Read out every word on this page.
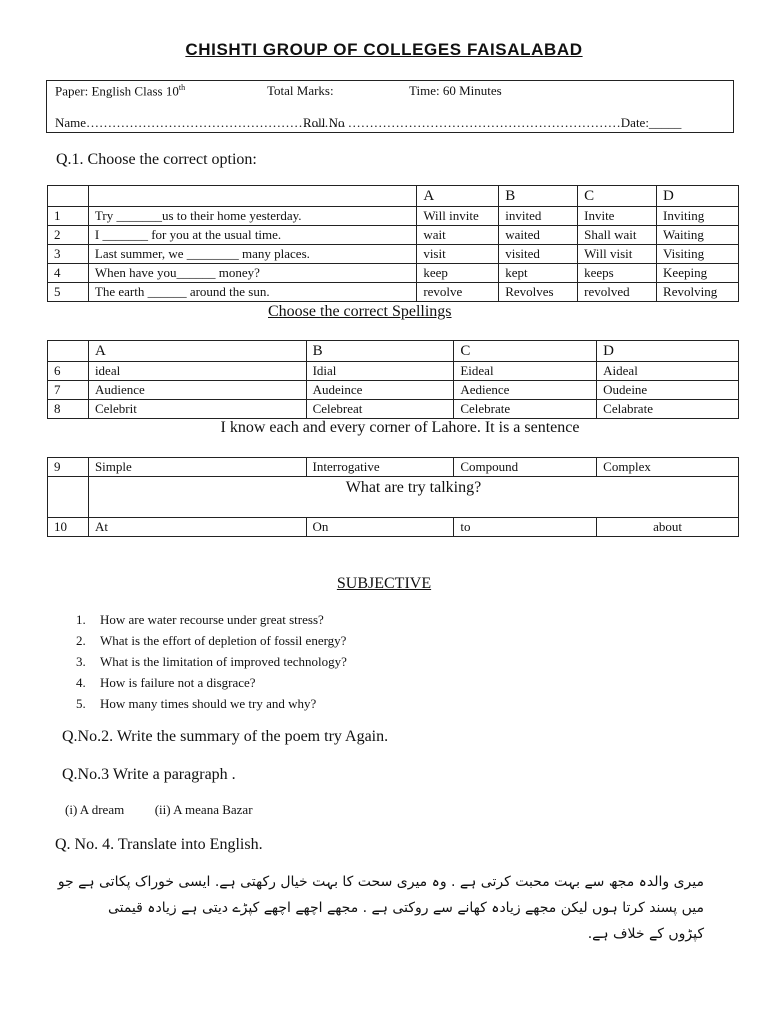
CHISHTI GROUP OF COLLEGES FAISALABAD
Paper: English Class 10th	Total Marks:	Time: 60 Minutes
Name……………………………………………………
Roll No ………………………………………………………Date:_____
Q.1. Choose the correct option:
		A	B	C	D
1	Try _______us to their home yesterday.	Will invite	invited	Invite	Inviting
2	I _______ for you at the usual time.	wait	waited	Shall wait	Waiting
3	Last summer, we ________ many places.	visit	visited	Will visit	Visiting
4	When have you______ money?	keep	kept	keeps	Keeping
5	The earth ______ around the sun.	revolve	Revolves	revolved	Revolving
Choose the correct Spellings
	A	B	C	D
6	ideal	Idial	Eideal	Aideal
7	Audience	Audeince	Aedience	Oudeine
8	Celebrit	Celebreat	Celebrate	Celabrate
I know each and every corner of Lahore. It is a sentence
9	Simple	Interrogative	Compound	Complex
	What are try talking?			
10	At	On	to	about
SUBJECTIVE
1. How are water recourse under great stress?
2. What is the effort of depletion of fossil energy?
3. What is the limitation of improved technology?
4. How is failure not a disgrace?
5. How many times should we try and why?
Q.No.2. Write the summary of the poem try Again.
Q.No.3 Write a paragraph .
(i) A dream (ii) A meana Bazar
Q. No. 4. Translate into English.
میری والدہ مجھ سے بہت محبت کرتی ہے . وہ میری سحت کا بہت خیال رکھتی ہے. ایسی خوراک پکاتی ہے جو
میں پسند کرتا ہوں لیکن مجھے زیادہ کھانے سے روکتی ہے . مجھے اچھے اچھے کپڑے دیتی ہے زیادہ قیمتی
کپڑوں کے خلاف ہے.
